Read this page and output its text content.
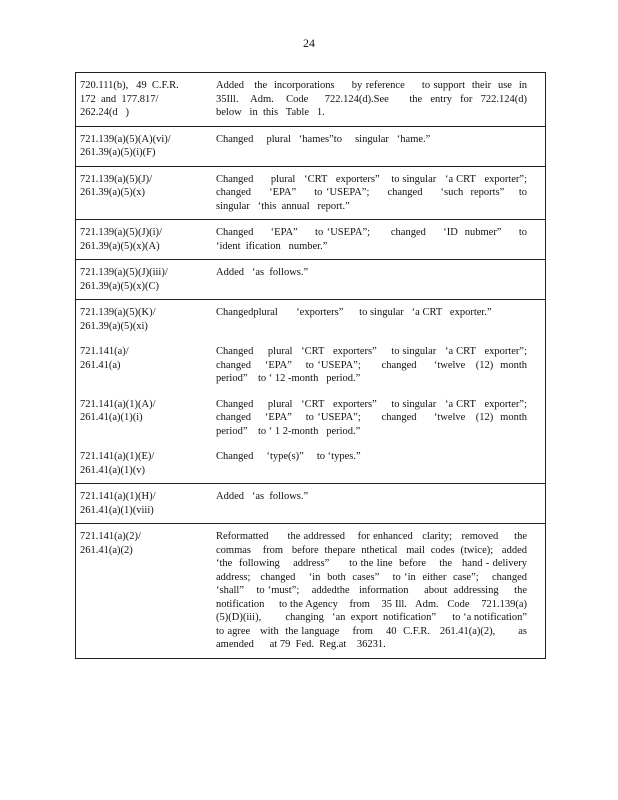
24
720.111(b),   49  C.F.R.
172  and  177.817/
262.24(d   )	Added   the  incorporations     by reference     to support  their  use  in 35Ill.   Adm.   Code    722.124(d).See     the  entry  for  722.124(d)    below   in  this   Table   1.

721.139(a)(5)(A)(vi)/
261.39(a)(5)(i)(F)	Changed     plural   ‘hames”to     singular   ‘hame.”

721.139(a)(5)(J)/
261.39(a)(5)(x)	Changed      plural   ‘CRT   exporters”    to singular   ‘a CRT   exporter”;   changed     ‘EPA”     to ‘USEPA”;     changed     ‘such  reports”    to singular   ‘this  annual   report.”

721.139(a)(5)(J)(i)/
261.39(a)(5)(x)(A)	Changed     ‘EPA”     to ‘USEPA”;      changed     ‘ID  nubmer”     to   ‘ident  ification   number.”

721.139(a)(5)(J)(iii)/
261.39(a)(5)(x)(C)	Added   ‘as  follows.”

721.139(a)(5)(K)/
261.39(a)(5)(xi)	Changedplural       ‘exporters”      to singular   ‘a CRT   exporter.”

721.141(a)/
261.41(a)	Changed     plural   ‘CRT   exporters”     to singular   ‘a CRT   exporter”;   changed    ‘EPA”    to ‘USEPA”;      changed     ‘twelve   (12)  month  period”    to ‘ 12 -month   period.”

721.141(a)(1)(A)/
261.41(a)(1)(i)	Changed     plural   ‘CRT   exporters”     to singular   ‘a CRT   exporter”;   changed    ‘EPA”    to ‘USEPA”;      changed     ‘twelve   (12)  month  period”    to ‘ 1 2-month   period.”

721.141(a)(1)(E)/
261.41(a)(1)(v)	Changed     ‘type(s)”     to ‘types.”

721.141(a)(1)(H)/
261.41(a)(1)(viii)	Added   ‘as  follows.”

721.141(a)(2)/
261.41(a)(2)	Reformatted      the addressed    for enhanced   clarity;   removed     the  commas    from   before  thepare  nthetical   mail  codes  (twice);   added   ‘the  following    address”      to the line  before    the   hand - delivery  address;   changed    ‘in  both  cases”    to ‘in  either  case”;    changed    ‘shall”    to ‘must”;    addedthe   information     about  addressing     the  notification     to the Agency    from    35 Ill.   Adm.   Code    721.139(a)(5)(D)(iii),         changing   ‘an  export  notification”      to ‘a notification”      to agree   with  the language    from    40  C.F.R.   261.41(a)(2),       as amended      at 79  Fed.  Reg.at    36231.
